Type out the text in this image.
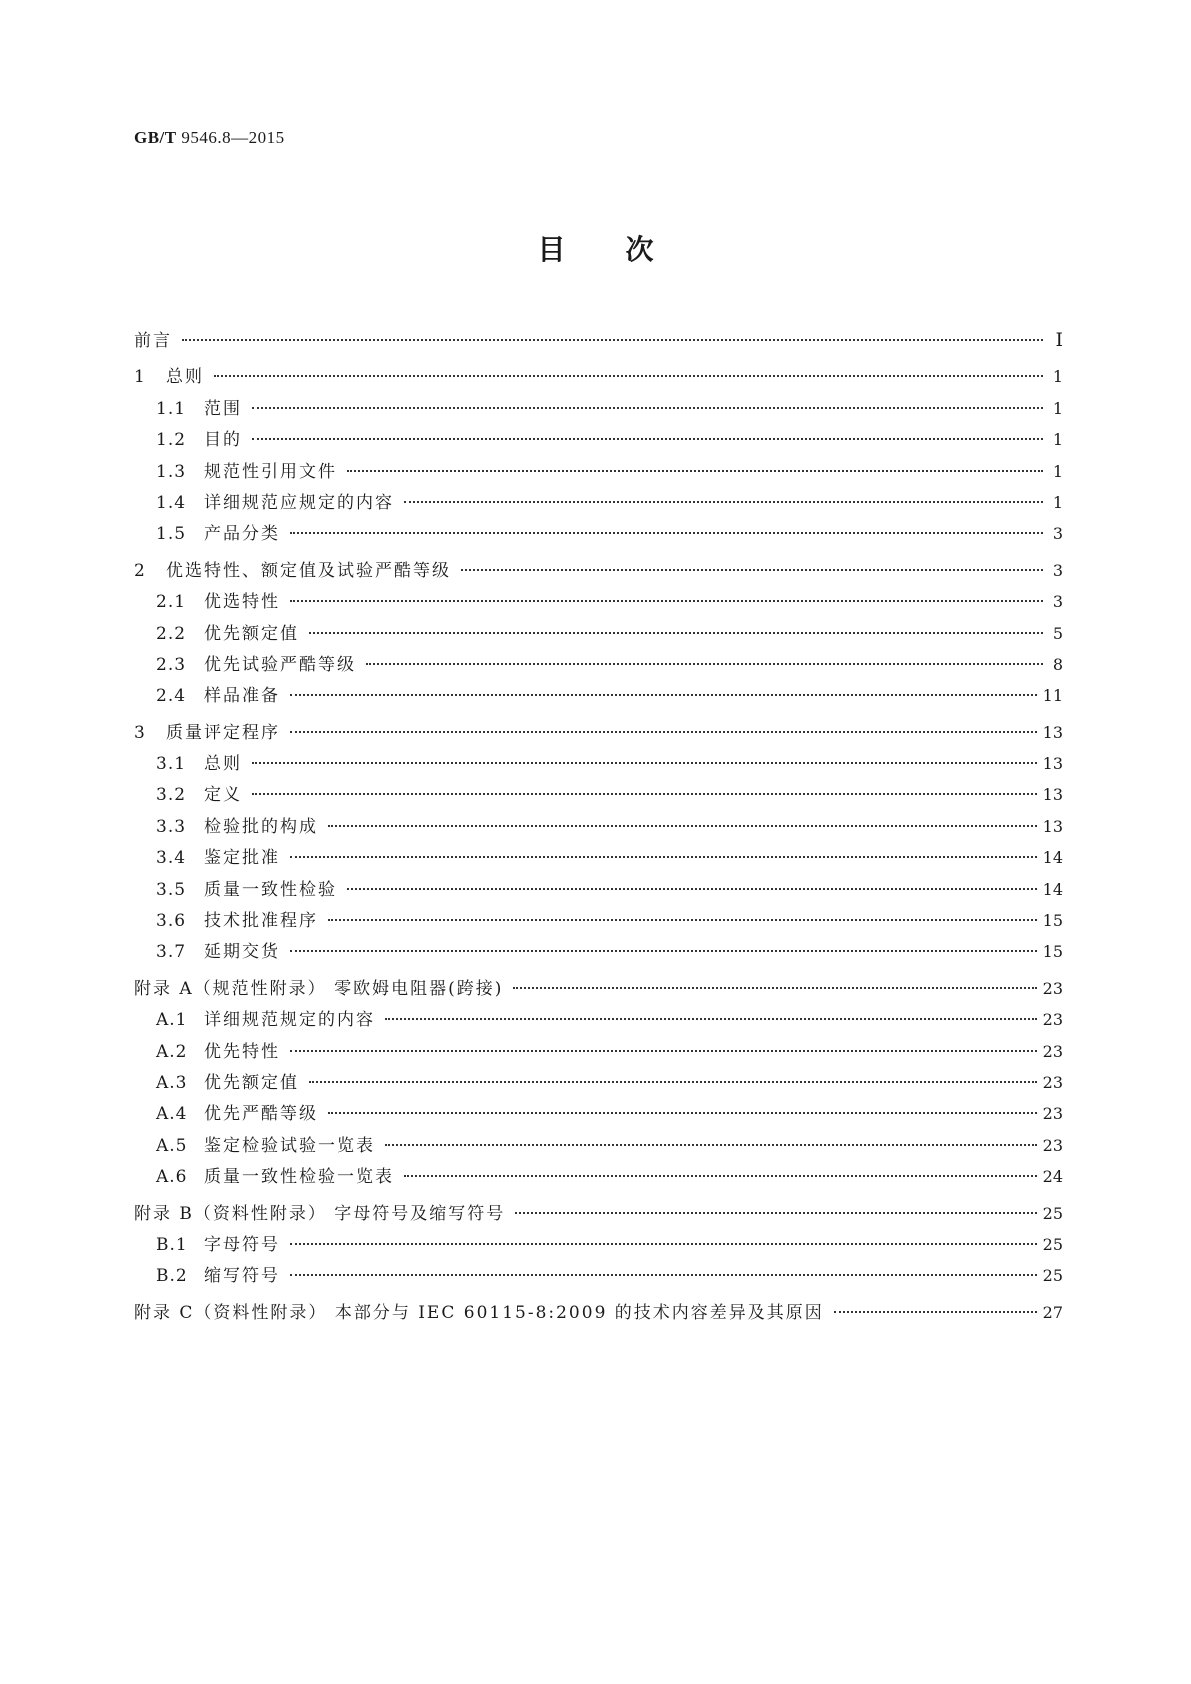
GB/T 9546.8—2015
目次
前言	Ⅰ
1	总则	1
1.1	范围	1
1.2	目的	1
1.3	规范性引用文件	1
1.4	详细规范应规定的内容	1
1.5	产品分类	3
2	优选特性、额定值及试验严酷等级	3
2.1	优选特性	3
2.2	优先额定值	5
2.3	优先试验严酷等级	8
2.4	样品准备	11
3	质量评定程序	13
3.1	总则	13
3.2	定义	13
3.3	检验批的构成	13
3.4	鉴定批准	14
3.5	质量一致性检验	14
3.6	技术批准程序	15
3.7	延期交货	15
附录 A（规范性附录） 零欧姆电阻器(跨接)	23
A.1 详细规范规定的内容	23
A.2 优先特性	23
A.3 优先额定值	23
A.4 优先严酷等级	23
A.5 鉴定检验试验一览表	23
A.6 质量一致性检验一览表	24
附录 B（资料性附录） 字母符号及缩写符号	25
B.1 字母符号	25
B.2 缩写符号	25
附录 C（资料性附录） 本部分与 IEC 60115-8:2009 的技术内容差异及其原因	27
